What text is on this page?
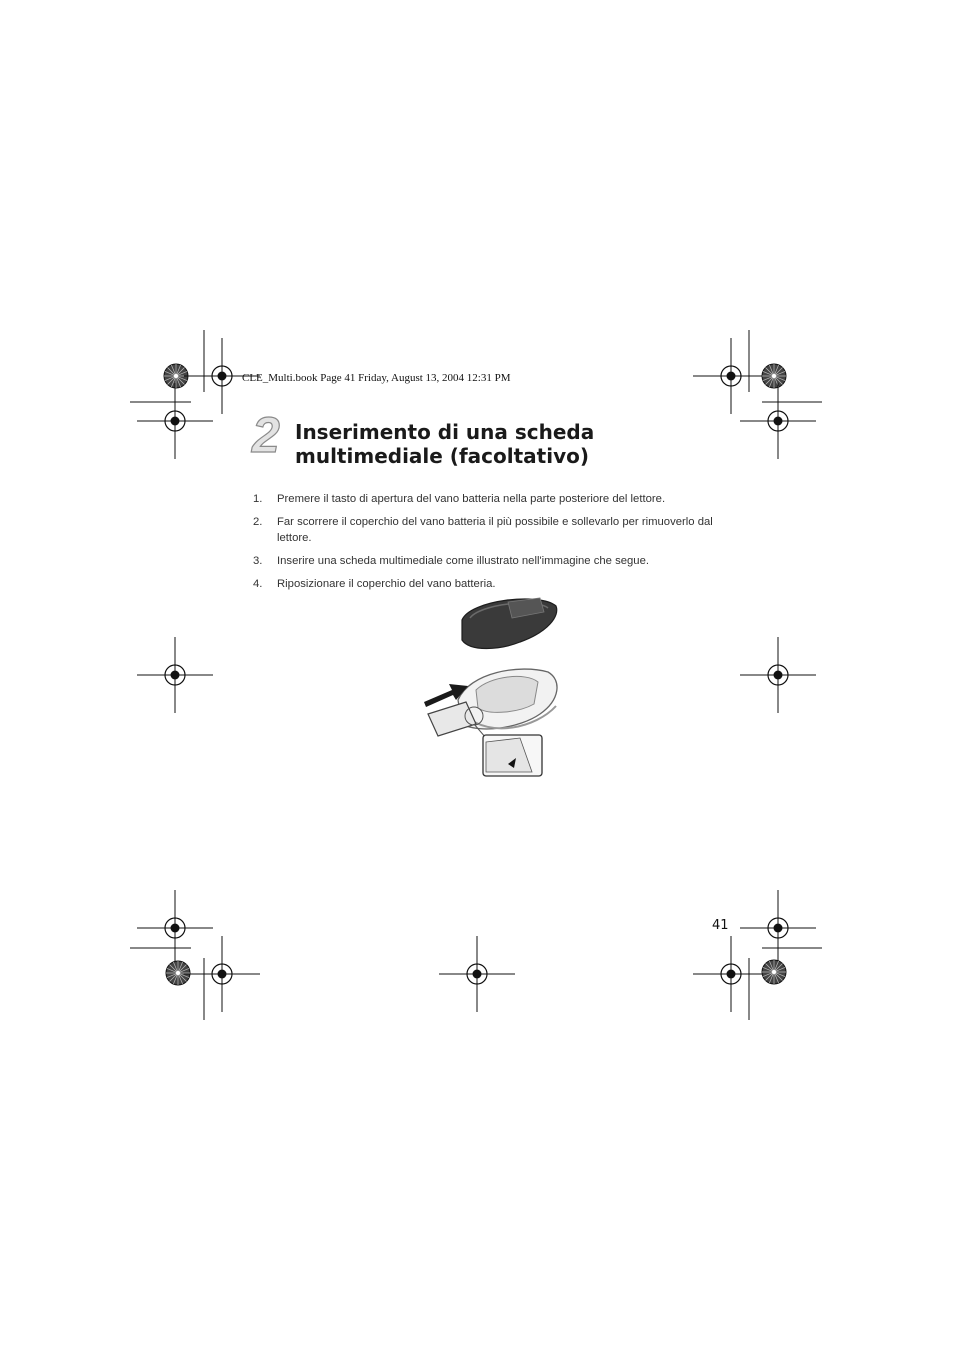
CLE_Multi.book Page 41 Friday, August 13, 2004 12:31 PM
2 Inserimento di una scheda multimediale (facoltativo)
1. Premere il tasto di apertura del vano batteria nella parte posteriore del lettore.
2. Far scorrere il coperchio del vano batteria il più possibile e sollevarlo per rimuoverlo dal lettore.
3. Inserire una scheda multimediale come illustrato nell'immagine che segue.
4. Riposizionare il coperchio del vano batteria.
41
